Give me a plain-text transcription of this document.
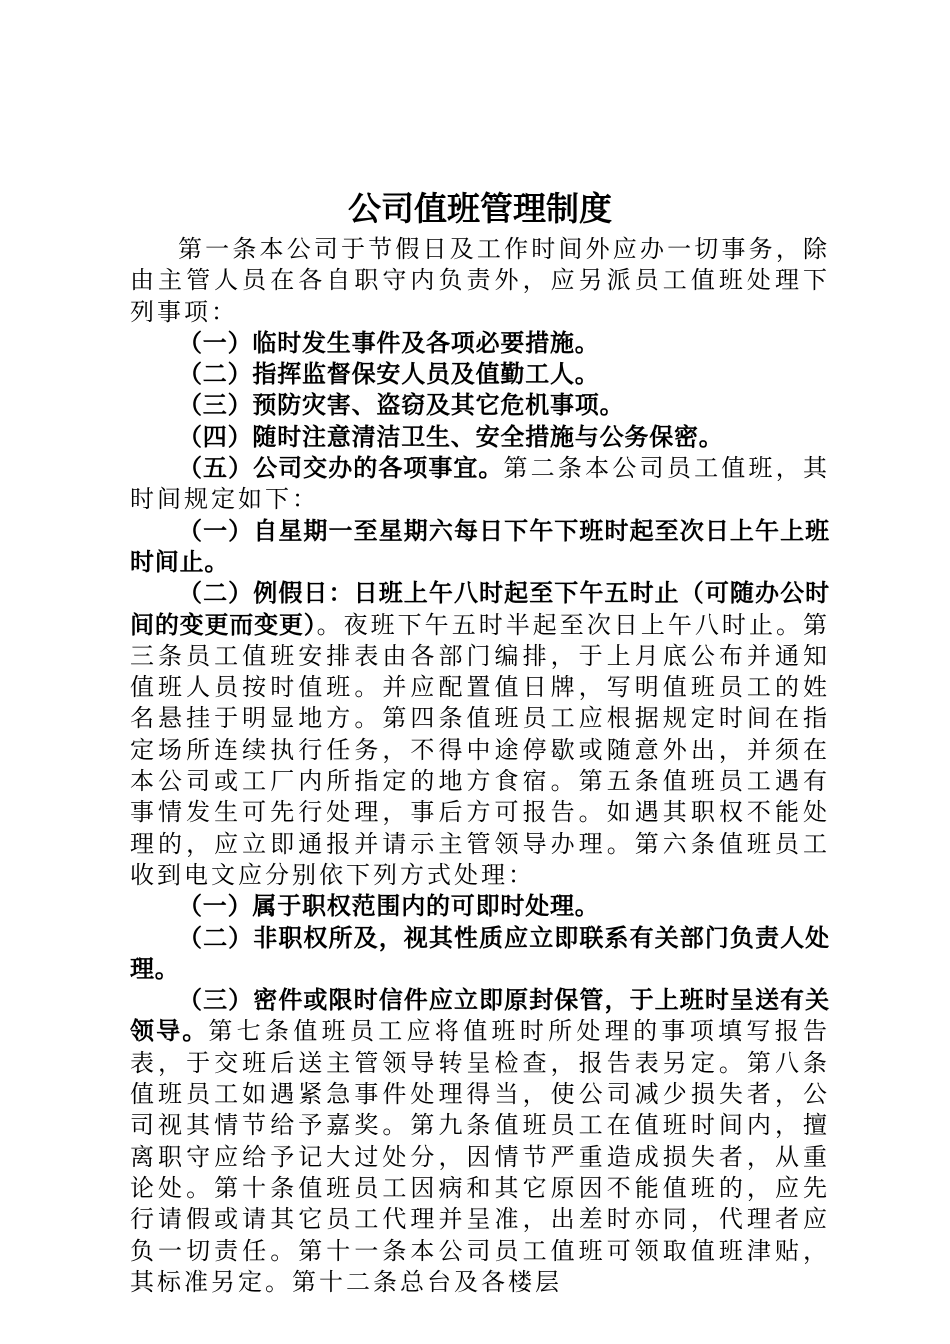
公司值班管理制度

第一条本公司于节假日及工作时间外应办一切事务，除由主管人员在各自职守内负责外，应另派员工值班处理下列事项：

（一）临时发生事件及各项必要措施。

（二）指挥监督保安人员及值勤工人。

（三）预防灾害、盗窃及其它危机事项。

（四）随时注意清洁卫生、安全措施与公务保密。

（五）公司交办的各项事宜。第二条本公司员工值班，其时间规定如下：

（一）自星期一至星期六每日下午下班时起至次日上午上班时间止。

（二）例假日：日班上午八时起至下午五时止（可随办公时间的变更而变更）。夜班下午五时半起至次日上午八时止。第三条员工值班安排表由各部门编排，于上月底公布并通知值班人员按时值班。并应配置值日牌，写明值班员工的姓名悬挂于明显地方。第四条值班员工应根据规定时间在指定场所连续执行任务，不得中途停歇或随意外出，并须在本公司或工厂内所指定的地方食宿。第五条值班员工遇有事情发生可先行处理，事后方可报告。如遇其职权不能处理的，应立即通报并请示主管领导办理。第六条值班员工收到电文应分别依下列方式处理：

（一）属于职权范围内的可即时处理。

（二）非职权所及，视其性质应立即联系有关部门负责人处理。

（三）密件或限时信件应立即原封保管，于上班时呈送有关领导。第七条值班员工应将值班时所处理的事项填写报告表，于交班后送主管领导转呈检查，报告表另定。第八条值班员工如遇紧急事件处理得当，使公司减少损失者，公司视其情节给予嘉奖。第九条值班员工在值班时间内，擅离职守应给予记大过处分，因情节严重造成损失者，从重论处。第十条值班员工因病和其它原因不能值班的，应先行请假或请其它员工代理并呈准，出差时亦同，代理者应负一切责任。第十一条本公司员工值班可领取值班津贴，其标准另定。第十二条总台及各楼层
